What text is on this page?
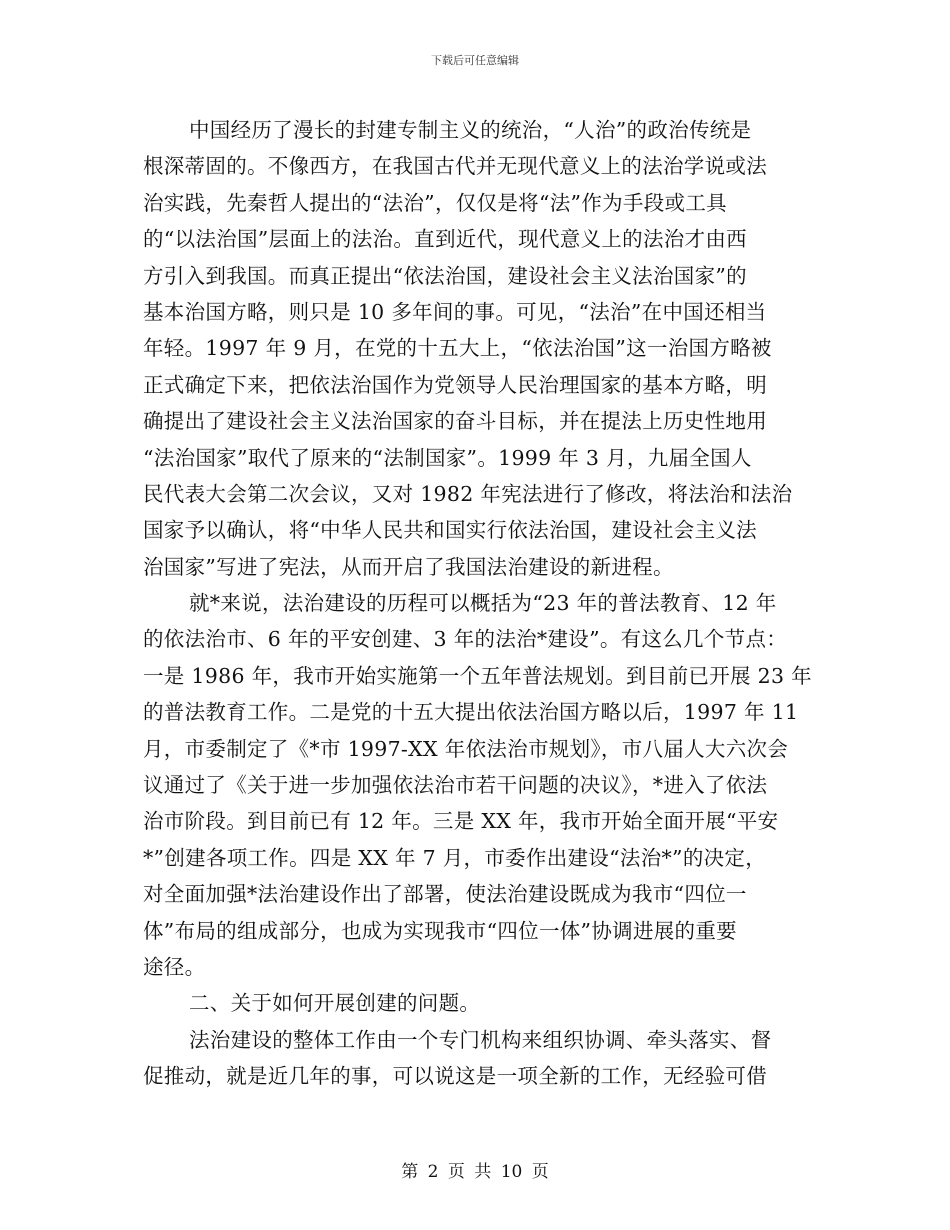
下载后可任意编辑
中国经历了漫长的封建专制主义的统治，“人治”的政治传统是
根深蒂固的。不像西方，在我国古代并无现代意义上的法治学说或法
治实践，先秦哲人提出的“法治”，仅仅是将“法”作为手段或工具
的“以法治国”层面上的法治。直到近代，现代意义上的法治才由西
方引入到我国。而真正提出“依法治国，建设社会主义法治国家”的
基本治国方略，则只是 10 多年间的事。可见，“法治”在中国还相当
年轻。1997 年 9 月，在党的十五大上，“依法治国”这一治国方略被
正式确定下来，把依法治国作为党领导人民治理国家的基本方略，明
确提出了建设社会主义法治国家的奋斗目标，并在提法上历史性地用
“法治国家”取代了原来的“法制国家”。1999 年 3 月，九届全国人
民代表大会第二次会议，又对 1982 年宪法进行了修改，将法治和法治
国家予以确认，将“中华人民共和国实行依法治国，建设社会主义法
治国家”写进了宪法，从而开启了我国法治建设的新进程。
就*来说，法治建设的历程可以概括为“23 年的普法教育、12 年
的依法治市、6 年的平安创建、3 年的法治*建设”。有这么几个节点：
一是 1986 年，我市开始实施第一个五年普法规划。到目前已开展 23 年
的普法教育工作。二是党的十五大提出依法治国方略以后，1997 年 11
月，市委制定了《*市 1997-XX 年依法治市规划》，市八届人大六次会
议通过了《关于进一步加强依法治市若干问题的决议》，*进入了依法
治市阶段。到目前已有 12 年。三是 XX 年，我市开始全面开展“平安
*”创建各项工作。四是 XX 年 7 月，市委作出建设“法治*”的决定，
对全面加强*法治建设作出了部署，使法治建设既成为我市“四位一
体”布局的组成部分，也成为实现我市“四位一体”协调进展的重要
途径。
二、关于如何开展创建的问题。
法治建设的整体工作由一个专门机构来组织协调、牵头落实、督
促推动，就是近几年的事，可以说这是一项全新的工作，无经验可借
第 2 页 共 10 页
